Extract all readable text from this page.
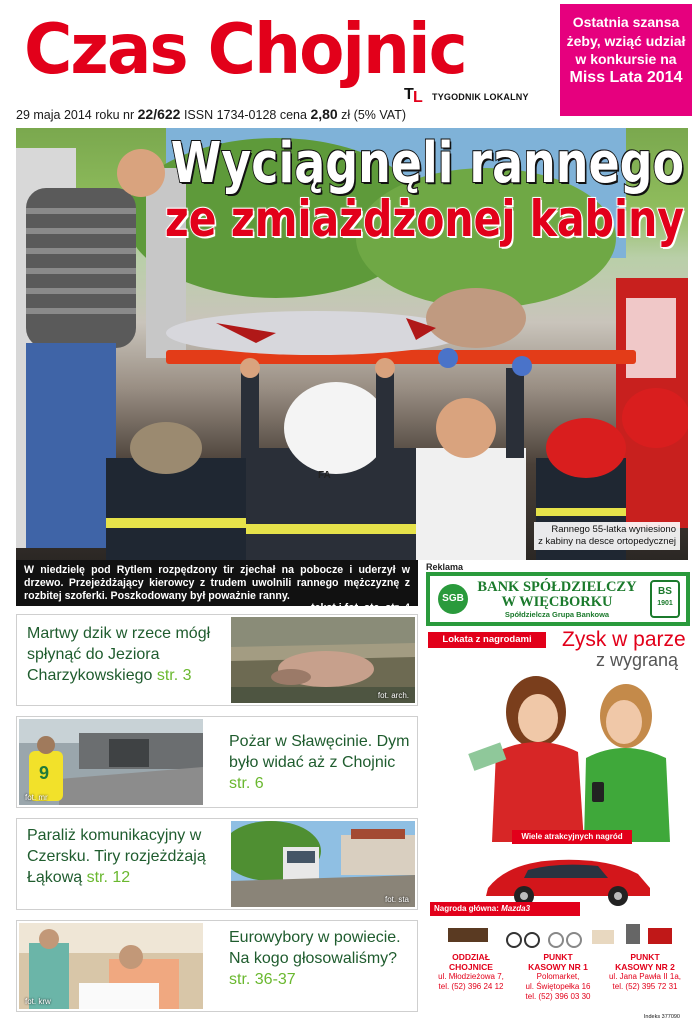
Czas Chojnic
T L TYGODNIK LOKALNY
29 maja 2014 roku nr 22/622 ISSN 1734-0128 cena 2,80 zł (5% VAT)
Ostatnia szansa
żeby, wziąć udział
w konkursie na
Miss Lata 2014
FA
Wyciągnęli rannego
ze zmiażdżonej kabiny
Rannego 55-latka wyniesiono
z kabiny na desce ortopedycznej
W niedzielę pod Rytlem rozpędzony tir zjechał na pobocze i uderzył w drzewo. Przejeżdżający kierowcy z trudem uwolnili rannego mężczyznę z rozbitej szoferki. Poszkodowany był poważnie ranny.
tekst i fot. sta, str. 4
Martwy dzik w rzece mógł spłynąć do Jeziora Charzykowskiego str. 3
fot. arch.
9
fot. mr
Pożar w Sławęcinie. Dym było widać aż z Chojnic str. 6
Paraliż komunikacyjny w Czersku. Tiry rozjeżdżają Łąkową str. 12
fot. sta
fot. krw
Eurowybory w powiecie. Na kogo głosowaliśmy? str. 36-37
Reklama
SGB
BANK SPÓŁDZIELCZY
W WIĘCBORKU
Spółdzielcza Grupa Bankowa
BS
1901
Lokata z nagrodami	Zysk w parze
z wygraną
Wiele atrakcyjnych nagród
Nagroda główna: Mazda3
ODDZIAŁ
CHOJNICE
ul. Młodzieżowa 7,
tel. (52) 396 24 12
PUNKT
KASOWY NR 1
Polomarket,
ul. Świętopełka 16
tel. (52) 396 03 30
PUNKT
KASOWY NR 2
ul. Jana Pawła II 1a,
tel. (52) 395 72 31
Indeks 377090
